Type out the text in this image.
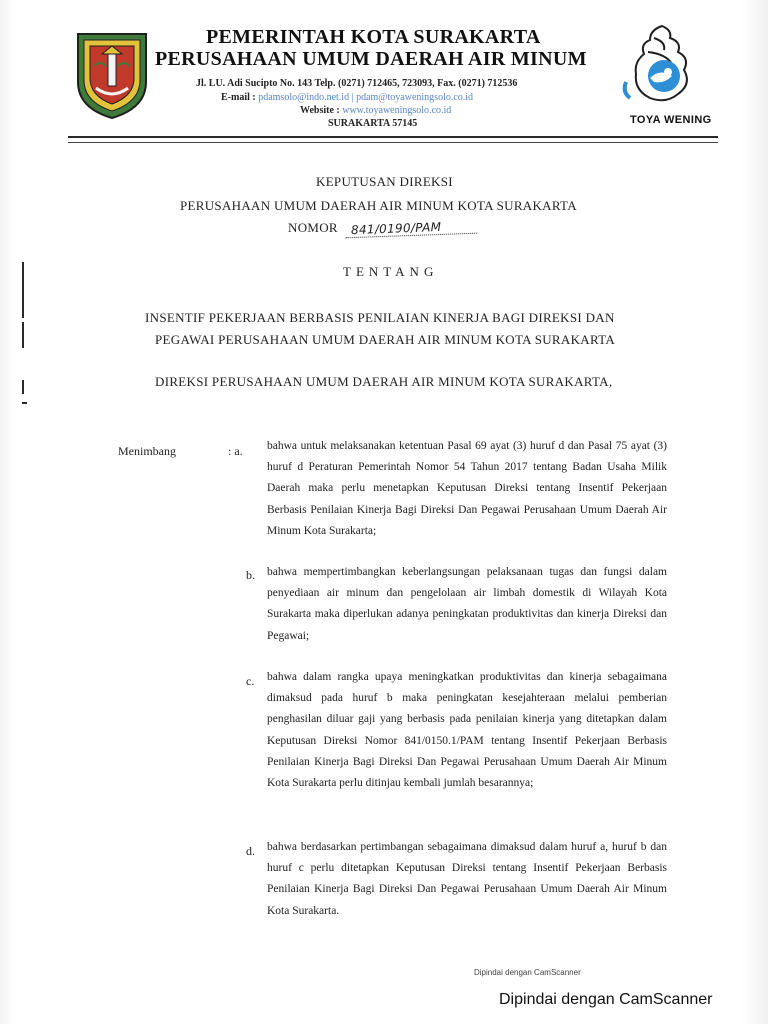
PEMERINTAH KOTA SURAKARTA
PERUSAHAAN UMUM DAERAH AIR MINUM
Jl. LU. Adi Sucipto No. 143 Telp. (0271) 712465, 723093, Fax. (0271) 712536
E-mail : pdamsolo@indo.net.id | pdam@toyaweningsolo.co.id
Website : www.toyaweningsolo.co.id
SURAKARTA 57145	TOYA WENING
KEPUTUSAN DIREKSI
PERUSAHAAN UMUM DAERAH AIR MINUM KOTA SURAKARTA
NOMOR 841/0190/PAM
TENTANG
INSENTIF PEKERJAAN BERBASIS PENILAIAN KINERJA BAGI DIREKSI DAN
PEGAWAI PERUSAHAAN UMUM DAERAH AIR MINUM KOTA SURAKARTA
DIREKSI PERUSAHAAN UMUM DAERAH AIR MINUM KOTA SURAKARTA,
Menimbang	: a. bahwa untuk melaksanakan ketentuan Pasal 69 ayat (3) huruf d dan Pasal 75 ayat (3) huruf d Peraturan Pemerintah Nomor 54 Tahun 2017 tentang Badan Usaha Milik Daerah maka perlu menetapkan Keputusan Direksi tentang Insentif Pekerjaan Berbasis Penilaian Kinerja Bagi Direksi Dan Pegawai Perusahaan Umum Daerah Air Minum Kota Surakarta;
b. bahwa mempertimbangkan keberlangsungan pelaksanaan tugas dan fungsi dalam penyediaan air minum dan pengelolaan air limbah domestik di Wilayah Kota Surakarta maka diperlukan adanya peningkatan produktivitas dan kinerja Direksi dan Pegawai;
c. bahwa dalam rangka upaya meningkatkan produktivitas dan kinerja sebagaimana dimaksud pada huruf b maka peningkatan kesejahteraan melalui pemberian penghasilan diluar gaji yang berbasis pada penilaian kinerja yang ditetapkan dalam Keputusan Direksi Nomor 841/0150.1/PAM tentang Insentif Pekerjaan Berbasis Penilaian Kinerja Bagi Direksi Dan Pegawai Perusahaan Umum Daerah Air Minum Kota Surakarta perlu ditinjau kembali jumlah besarannya;
d. bahwa berdasarkan pertimbangan sebagaimana dimaksud dalam huruf a, huruf b dan huruf c perlu ditetapkan Keputusan Direksi tentang Insentif Pekerjaan Berbasis Penilaian Kinerja Bagi Direksi Dan Pegawai Perusahaan Umum Daerah Air Minum Kota Surakarta.
Dipindai dengan CamScanner
Dipindai dengan CamScanner
